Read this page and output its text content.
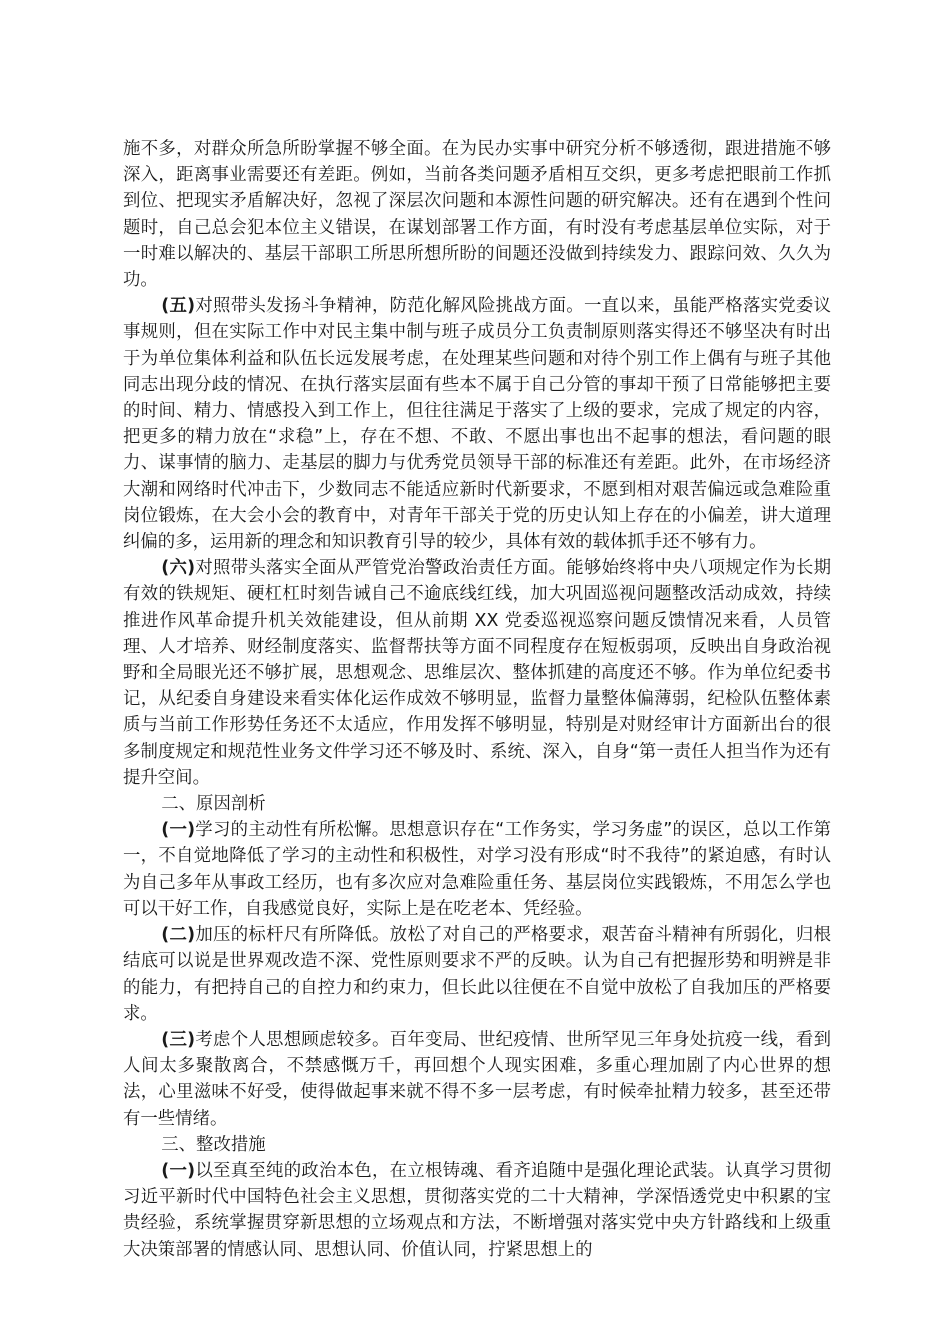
施不多，对群众所急所盼掌握不够全面。在为民办实事中研究分析不够透彻，跟进措施不够深入，距离事业需要还有差距。例如，当前各类问题矛盾相互交织，更多考虑把眼前工作抓到位、把现实矛盾解决好，忽视了深层次问题和本源性问题的研究解决。还有在遇到个性问题时，自己总会犯本位主义错误，在谋划部署工作方面，有时没有考虑基层单位实际，对于一时难以解决的、基层干部职工所思所想所盼的间题还没做到持续发力、跟踪问效、久久为功。

(五)对照带头发扬斗争精神，防范化解风险挑战方面。一直以来，虽能严格落实党委议事规则，但在实际工作中对民主集中制与班子成员分工负责制原则落实得还不够坚决有时出于为单位集体利益和队伍长远发展考虑，在处理某些问题和对待个别工作上偶有与班子其他同志出现分歧的情况、在执行落实层面有些本不属于自己分管的事却干预了日常能够把主要的时间、精力、情感投入到工作上，但往往满足于落实了上级的要求，完成了规定的内容，把更多的精力放在“求稳”上，存在不想、不敢、不愿出事也出不起事的想法，看问题的眼力、谋事情的脑力、走基层的脚力与优秀党员领导干部的标准还有差距。此外，在市场经济大潮和网络时代冲击下，少数同志不能适应新时代新要求，不愿到相对艰苦偏远或急难险重岗位锻炼，在大会小会的教育中，对青年干部关于党的历史认知上存在的小偏差，讲大道理纠偏的多，运用新的理念和知识教育引导的较少，具体有效的载体抓手还不够有力。

(六)对照带头落实全面从严管党治警政治责任方面。能够始终将中央八项规定作为长期有效的铁规矩、硬杠杠时刻告诫自己不逾底线红线，加大巩固巡视问题整改活动成效，持续推进作风革命提升机关效能建设，但从前期 XX 党委巡视巡察问题反馈情况来看，人员管理、人才培养、财经制度落实、监督帮扶等方面不同程度存在短板弱项，反映出自身政治视野和全局眼光还不够扩展，思想观念、思维层次、整体抓建的高度还不够。作为单位纪委书记，从纪委自身建设来看实体化运作成效不够明显，监督力量整体偏薄弱，纪检队伍整体素质与当前工作形势任务还不太适应，作用发挥不够明显，特别是对财经审计方面新出台的很多制度规定和规范性业务文件学习还不够及时、系统、深入，自身“第一责任人担当作为还有提升空间。

二、原因剖析

(一)学习的主动性有所松懈。思想意识存在“工作务实，学习务虚”的误区，总以工作第一，不自觉地降低了学习的主动性和积极性，对学习没有形成“时不我待”的紧迫感，有时认为自己多年从事政工经历，也有多次应对急难险重任务、基层岗位实践锻炼，不用怎么学也可以干好工作，自我感觉良好，实际上是在吃老本、凭经验。

(二)加压的标杆尺有所降低。放松了对自己的严格要求，艰苦奋斗精神有所弱化，归根结底可以说是世界观改造不深、党性原则要求不严的反映。认为自己有把握形势和明辨是非的能力，有把持自己的自控力和约束力，但长此以往便在不自觉中放松了自我加压的严格要求。

(三)考虑个人思想顾虑较多。百年变局、世纪疫情、世所罕见三年身处抗疫一线，看到人间太多聚散离合，不禁感慨万千，再回想个人现实困难，多重心理加剧了内心世界的想法，心里滋味不好受，使得做起事来就不得不多一层考虑，有时候牵扯精力较多，甚至还带有一些情绪。

三、整改措施

(一)以至真至纯的政治本色，在立根铸魂、看齐追随中是强化理论武装。认真学习贯彻习近平新时代中国特色社会主义思想，贯彻落实党的二十大精神，学深悟透党史中积累的宝贵经验，系统掌握贯穿新思想的立场观点和方法，不断增强对落实党中央方针路线和上级重大决策部署的情感认同、思想认同、价值认同，拧紧思想上的
